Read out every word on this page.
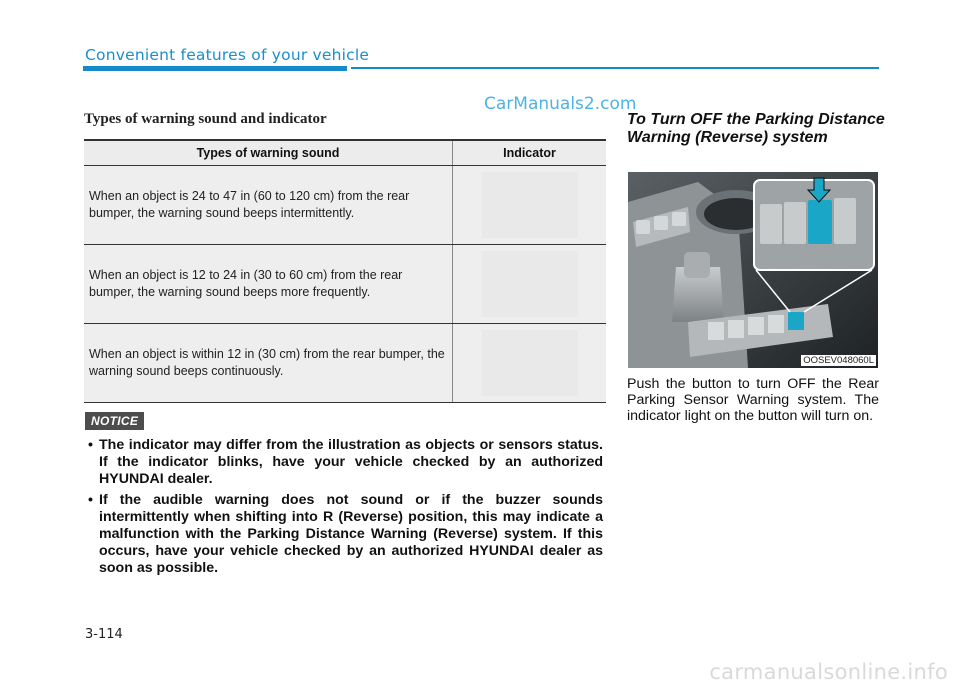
Convenient features of your vehicle
CarManuals2.com
Types of warning sound and indicator
Types of warning sound	Indicator
When an object is 24 to 47 in (60 to 120 cm) from the rear bumper, the warning sound beeps intermittently.	

When an object is 12 to 24 in (30 to 60 cm) from the rear bumper, the warning sound beeps more frequently.	

When an object is within 12 in (30 cm) from the rear bumper, the warning sound beeps continuously.	
NOTICE
• The indicator may differ from the illustration as objects or sensors status. If the indicator blinks, have your vehicle checked by an authorized HYUNDAI dealer.
• If the audible warning does not sound or if the buzzer sounds intermittently when shifting into R (Reverse) position, this may indicate a malfunction with the Parking Distance Warning (Reverse) system. If this occurs, have your vehicle checked by an authorized HYUNDAI dealer as soon as possible.
3-114
To Turn OFF the Parking Distance Warning (Reverse) system
OOSEV048060L
Push the button to turn OFF the Rear Parking Sensor Warning system. The indicator light on the button will turn on.
carmanualsonline.info
